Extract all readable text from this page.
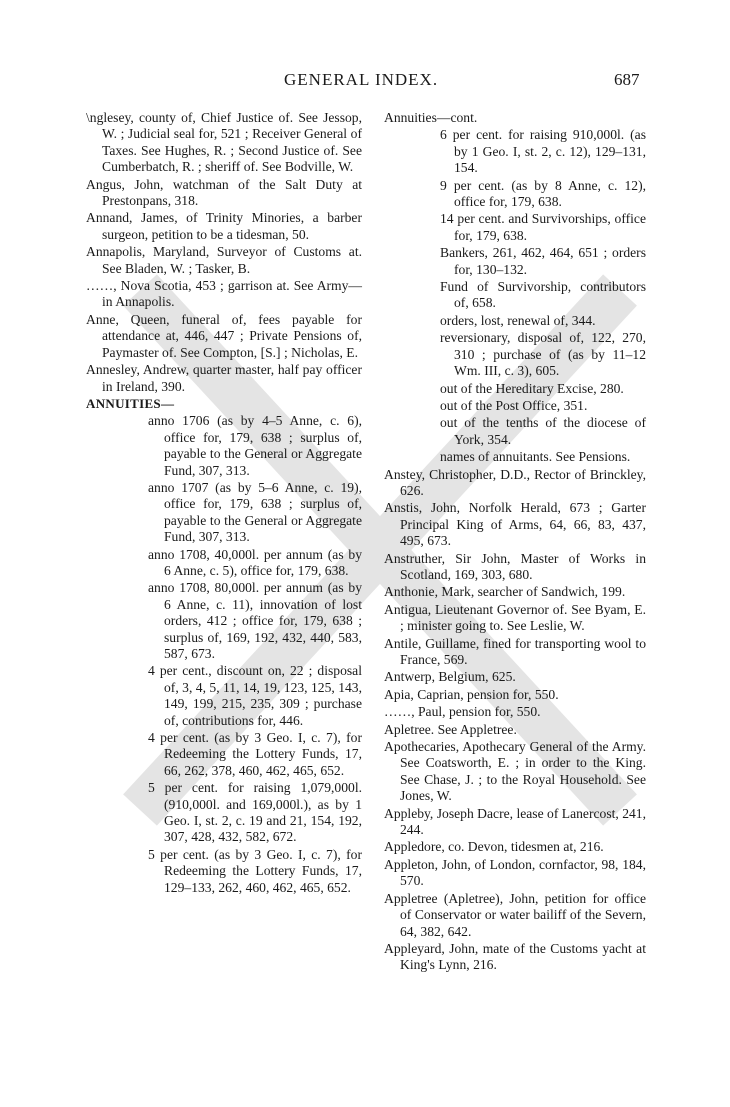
GENERAL INDEX.	687

\nglesey, county of, Chief Justice of. See Jessop, W. ; Judicial seal for, 521 ; Receiver General of Taxes. See Hughes, R. ; Second Justice of. See Cumberbatch, R. ; sheriff of. See Bodville, W.

Angus, John, watchman of the Salt Duty at Prestonpans, 318.

Annand, James, of Trinity Minories, a barber surgeon, petition to be a tidesman, 50.

Annapolis, Maryland, Surveyor of Customs at. See Bladen, W. ; Tasker, B.

……, Nova Scotia, 453 ; garrison at. See Army—in Annapolis.

Anne, Queen, funeral of, fees payable for attendance at, 446, 447 ; Private Pensions of, Paymaster of. See Compton, [S.] ; Nicholas, E.

Annesley, Andrew, quarter master, half pay officer in Ireland, 390.

ANNUITIES—

anno 1706 (as by 4–5 Anne, c. 6), office for, 179, 638 ; surplus of, payable to the General or Aggregate Fund, 307, 313.

anno 1707 (as by 5–6 Anne, c. 19), office for, 179, 638 ; surplus of, payable to the General or Aggregate Fund, 307, 313.

anno 1708, 40,000l. per annum (as by 6 Anne, c. 5), office for, 179, 638.

anno 1708, 80,000l. per annum (as by 6 Anne, c. 11), innovation of lost orders, 412 ; office for, 179, 638 ; surplus of, 169, 192, 432, 440, 583, 587, 673.

4 per cent., discount on, 22 ; disposal of, 3, 4, 5, 11, 14, 19, 123, 125, 143, 149, 199, 215, 235, 309 ; purchase of, contributions for, 446.

4 per cent. (as by 3 Geo. I, c. 7), for Redeeming the Lottery Funds, 17, 66, 262, 378, 460, 462, 465, 652.

5 per cent. for raising 1,079,000l. (910,000l. and 169,000l.), as by 1 Geo. I, st. 2, c. 19 and 21, 154, 192, 307, 428, 432, 582, 672.

5 per cent. (as by 3 Geo. I, c. 7), for Redeeming the Lottery Funds, 17, 129–133, 262, 460, 462, 465, 652.

Annuities—cont.

6 per cent. for raising 910,000l. (as by 1 Geo. I, st. 2, c. 12), 129–131, 154.

9 per cent. (as by 8 Anne, c. 12), office for, 179, 638.

14 per cent. and Survivorships, office for, 179, 638.

Bankers, 261, 462, 464, 651 ; orders for, 130–132.

Fund of Survivorship, contributors of, 658.

orders, lost, renewal of, 344.

reversionary, disposal of, 122, 270, 310 ; purchase of (as by 11–12 Wm. III, c. 3), 605.

out of the Hereditary Excise, 280.

out of the Post Office, 351.

out of the tenths of the diocese of York, 354.

names of annuitants. See Pensions.

Anstey, Christopher, D.D., Rector of Brinckley, 626.

Anstis, John, Norfolk Herald, 673 ; Garter Principal King of Arms, 64, 66, 83, 437, 495, 673.

Anstruther, Sir John, Master of Works in Scotland, 169, 303, 680.

Anthonie, Mark, searcher of Sandwich, 199.

Antigua, Lieutenant Governor of. See Byam, E. ; minister going to. See Leslie, W.

Antile, Guillame, fined for transporting wool to France, 569.

Antwerp, Belgium, 625.

Apia, Caprian, pension for, 550.

……, Paul, pension for, 550.

Apletree. See Appletree.

Apothecaries, Apothecary General of the Army. See Coatsworth, E. ; in order to the King. See Chase, J. ; to the Royal Household. See Jones, W.

Appleby, Joseph Dacre, lease of Lanercost, 241, 244.

Appledore, co. Devon, tidesmen at, 216.

Appleton, John, of London, cornfactor, 98, 184, 570.

Appletree (Apletree), John, petition for office of Conservator or water bailiff of the Severn, 64, 382, 642.

Appleyard, John, mate of the Customs yacht at King's Lynn, 216.
